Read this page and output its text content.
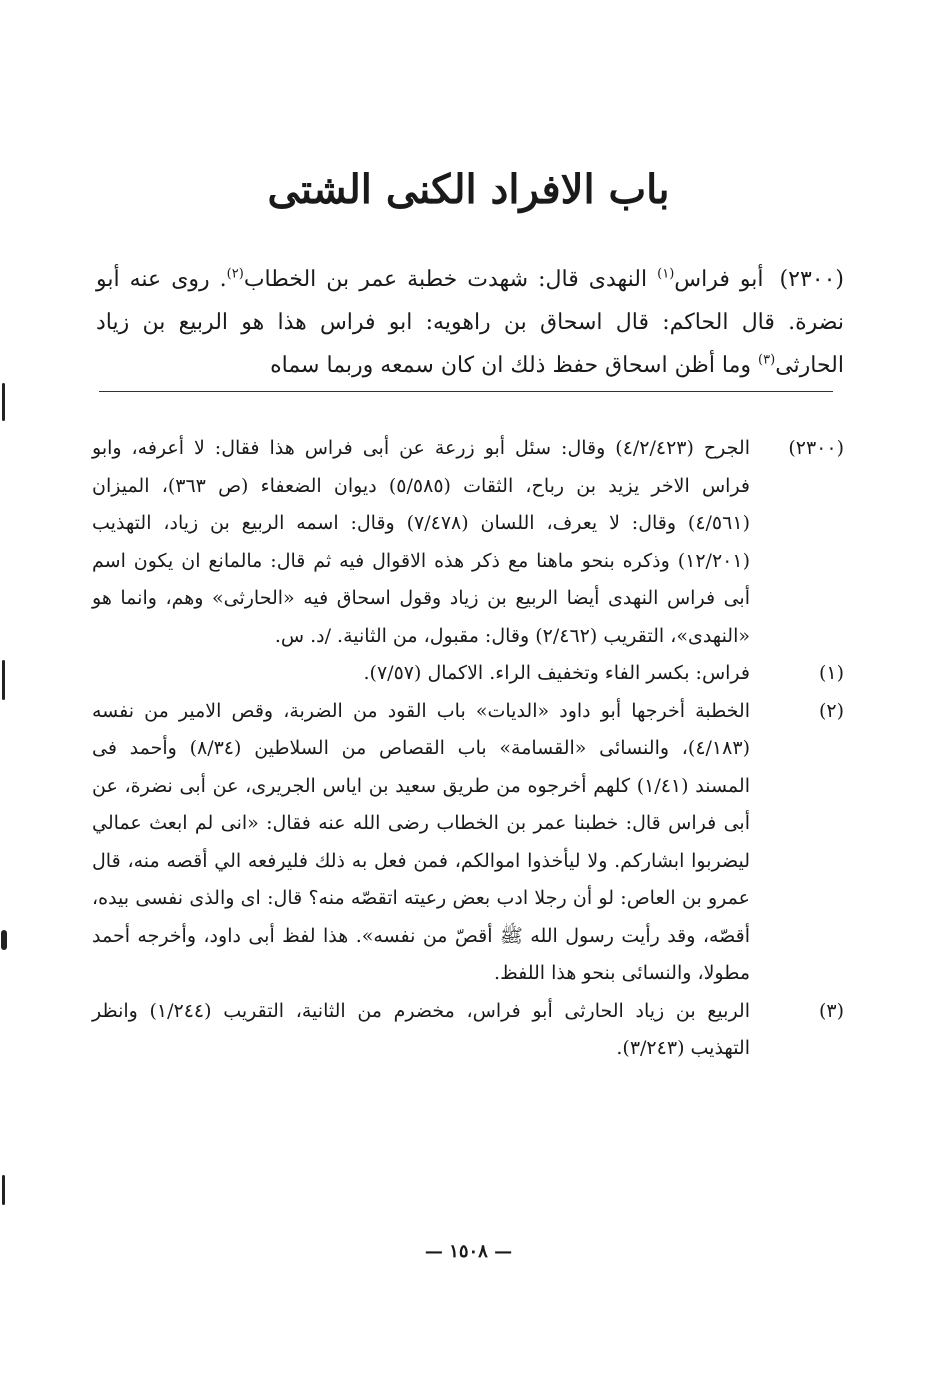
باب الافراد الكنى الشتى

(٢٣٠٠) أبو فراس$^{(١)}$ النهدى قال: شهدت خطبة عمر بن الخطاب$^{(٢)}$. روى عنه أبو نضرة. قال الحاكم: قال اسحاق بن راهويه: ابو فراس هذا هو الربيع بن زياد الحارثى$^{(٣)}$ وما أظن اسحاق حفظ ذلك ان كان سمعه وربما سماه

(٢٣٠٠)
الجرح (٤/٢/٤٢٣) وقال: سئل أبو زرعة عن أبى فراس هذا فقال: لا أعرفه، وابو فراس الاخر يزيد بن رباح، الثقات (٥/٥٨٥) ديوان الضعفاء (ص ٣٦٣)، الميزان (٤/٥٦١) وقال: لا يعرف، اللسان (٧/٤٧٨) وقال: اسمه الربيع بن زياد، التهذيب (١٢/٢٠١) وذكره بنحو ماهنا مع ذكر هذه الاقوال فيه ثم قال: مالمانع ان يكون اسم أبى فراس النهدى أيضا الربيع بن زياد وقول اسحاق فيه «الحارثى» وهم، وانما هو «النهدى»، التقريب (٢/٤٦٢) وقال: مقبول، من الثانية. /د. س.
(١)
فراس: بكسر الفاء وتخفيف الراء. الاكمال (٧/٥٧).
(٢)
الخطبة أخرجها أبو داود «الديات» باب القود من الضربة، وقص الامير من نفسه (٤/١٨٣)، والنسائى «القسامة» باب القصاص من السلاطين (٨/٣٤) وأحمد فى المسند (١/٤١) كلهم أخرجوه من طريق سعيد بن اياس الجريرى، عن أبى نضرة، عن أبى فراس قال: خطبنا عمر بن الخطاب رضى الله عنه فقال: «انى لم ابعث عمالي ليضربوا ابشاركم. ولا ليأخذوا اموالكم، فمن فعل به ذلك فليرفعه الي أقصه منه، قال عمرو بن العاص: لو أن رجلا ادب بعض رعيته اتقصّه منه؟ قال: اى والذى نفسى بيده، أقصّه، وقد رأيت رسول الله ﷺ أقصّ من نفسه». هذا لفظ أبى داود، وأخرجه أحمد مطولا، والنسائى بنحو هذا اللفظ.
(٣)
الربيع بن زياد الحارثى أبو فراس، مخضرم من الثانية، التقريب (١/٢٤٤) وانظر التهذيب (٣/٢٤٣).
— ١٥٠٨ —
